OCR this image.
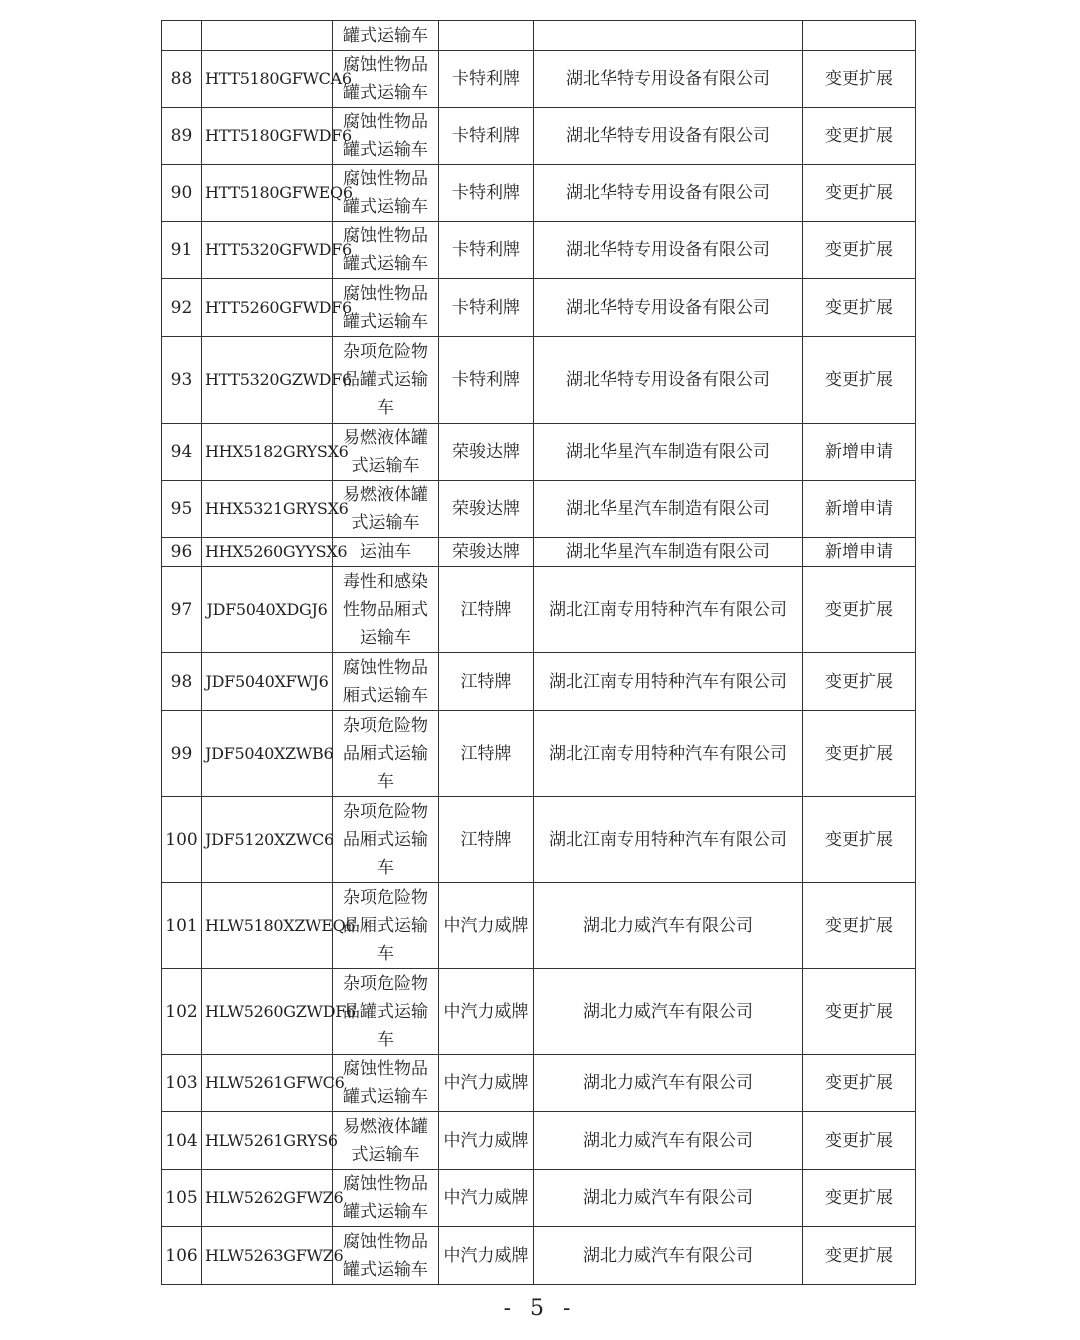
		罐式运输车			
88	HTT5180GFWCA6	腐蚀性物品罐式运输车	卡特利牌	湖北华特专用设备有限公司	变更扩展
89	HTT5180GFWDF6	腐蚀性物品罐式运输车	卡特利牌	湖北华特专用设备有限公司	变更扩展
90	HTT5180GFWEQ6	腐蚀性物品罐式运输车	卡特利牌	湖北华特专用设备有限公司	变更扩展
91	HTT5320GFWDF6	腐蚀性物品罐式运输车	卡特利牌	湖北华特专用设备有限公司	变更扩展
92	HTT5260GFWDF6	腐蚀性物品罐式运输车	卡特利牌	湖北华特专用设备有限公司	变更扩展
93	HTT5320GZWDF6	杂项危险物品罐式运输车	卡特利牌	湖北华特专用设备有限公司	变更扩展
94	HHX5182GRYSX6	易燃液体罐式运输车	荣骏达牌	湖北华星汽车制造有限公司	新增申请
95	HHX5321GRYSX6	易燃液体罐式运输车	荣骏达牌	湖北华星汽车制造有限公司	新增申请
96	HHX5260GYYSX6	运油车	荣骏达牌	湖北华星汽车制造有限公司	新增申请
97	JDF5040XDGJ6	毒性和感染性物品厢式运输车	江特牌	湖北江南专用特种汽车有限公司	变更扩展
98	JDF5040XFWJ6	腐蚀性物品厢式运输车	江特牌	湖北江南专用特种汽车有限公司	变更扩展
99	JDF5040XZWB6	杂项危险物品厢式运输车	江特牌	湖北江南专用特种汽车有限公司	变更扩展
100	JDF5120XZWC6	杂项危险物品厢式运输车	江特牌	湖北江南专用特种汽车有限公司	变更扩展
101	HLW5180XZWEQ6	杂项危险物品厢式运输车	中汽力威牌	湖北力威汽车有限公司	变更扩展
102	HLW5260GZWDF6	杂项危险物品罐式运输车	中汽力威牌	湖北力威汽车有限公司	变更扩展
103	HLW5261GFWC6	腐蚀性物品罐式运输车	中汽力威牌	湖北力威汽车有限公司	变更扩展
104	HLW5261GRYS6	易燃液体罐式运输车	中汽力威牌	湖北力威汽车有限公司	变更扩展
105	HLW5262GFWZ6	腐蚀性物品罐式运输车	中汽力威牌	湖北力威汽车有限公司	变更扩展
106	HLW5263GFWZ6	腐蚀性物品罐式运输车	中汽力威牌	湖北力威汽车有限公司	变更扩展
- 5 -
